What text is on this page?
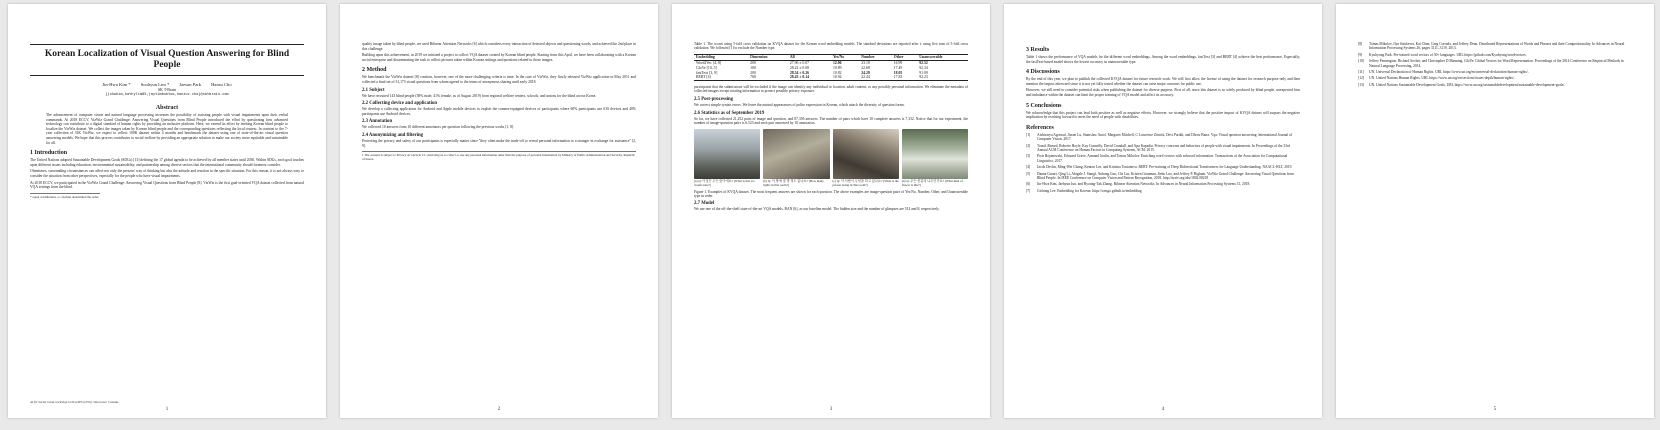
Korean Localization of Visual Question Answering for Blind People
Jin-Hwa Kim * Soohyun Lim * Jaesun Park Hansu Cho
SK T-Brain
{jnhwkim,kathylim05,jaytimbuktoo,hanzuc.cho}@sktbrain.com
Abstract

The advancement of computer vision and natural language processing increases the possibility of assisting people with visual impairments upon their verbal commands. At 2018 ECCV, VizWiz Grand Challenge: Answering Visual Questions from Blind People introduced the effort by questioning how advanced technology can contribute to a digital standard of human rights by providing an inclusive platform. Here, we extend its effort by inviting Korean blind people to localize the VizWiz dataset. We collect the images taken by Korean blind people and the corresponding questions reflecting the local context. In contrast to the 7-year collection of 31K VizWiz, we expect to collect 100K dataset within 4 months and benchmark the dataset using one of state-of-the-art visual question answering models. We hope that this process contributes to social welfare by providing an appropriate solution to make our society more equitable and sustainable for all.

1 Introduction

The United Nations adopted Sustainable Development Goals (SDGs) [13] defining the 17 global agenda to be achieved by all member states until 2030. Within SDGs, each goal touches upon different issues including education, environmental sustainability, and partnership among diverse sectors that the international community should foremost consider.

Oftentimes, surrounding circumstances can affect not only the persons' way of thinking but also the attitude and reaction to the specific situation. For this reason, it is not always easy to consider the situation from other perspectives, especially for the people who have visual impairments.

At 2018 ECCV, we participated in the VizWiz Grand Challenge: Answering Visual Questions from Blind People [8]. VizWiz is the first goal-oriented VQA dataset collected from natural VQA settings from the blind.

* equal contribution, a c-in-time determined the order.
AI for Social Good workshop at NeurIPS (2019), Vancouver, Canada.
1

quality image taken by blind people, we used Bilinear Attention Networks [6] which considers every interaction of detected objects and questioning words, and achieved the 2nd place in this challenge.

Building upon this achievement, in 2019 we initiated a project to collect VQA dataset created by Korean blind people. Starting from this April, we have been collaborating with a Korean social enterprise and disseminating the task to collect pictures taken within Korean settings and questions related to those images.

2 Method

We benchmark the VizWiz dataset [8] creation, however, one of the more challenging criteria is time. In the case of VizWiz, they firstly released VizWiz application in May 2011 and collected a final set of 31,173 visual questions from whom agreed to the terms of anonymous sharing until early 2018.

2.1 Subject

We have recruited 143 blind people (58% male, 41% female, as of August 2019) from regional welfare centers, schools, and unions for the blind across Korea.

2.2 Collecting device and application

We develop a collecting application for Android and Apple mobile devices to exploit the camera-equipped devices of participants where 60% participants use iOS devices and 40% participants use Android devices.

2.3 Annotation

We collected 10 answers from 10 different annotators per question following the previous works [1, 8].

2.4 Anonymizing and filtering

Protecting the privacy and safety of our participants is especially matter since "they often make the trade-off to reveal personal information to a stranger in exchange for assistance" [2, 9].

1 The consent is subject to Privacy Act Article 15, restricting us to collect or use any personal information other than the purpose of personal information by Ministry of Public Administration and Security, Republic of Korea.
2
Table 1. The scores using 5-fold cross validation on KVQA dataset for the Korean word embedding models. The standard deviations are reported after ± using five runs of 5-fold cross validation. We followed [1] to exclude the Number type.
Embedding	Dimension	All	Yes/No	Number	Other	Unanswerable
Word2Vec [4, 8]	200	27.96 ± 0.07	12.06	23.18	16.99	92.52
GloVe [10, 5]	100	28.22 ± 0.08	10.89	22.68	17.49	92.34
fastText [3, 9]	200	28.54 ± 0.26	10.82	24.29	18.05	91.09
BERT [4]	768	28.43 ± 0.14	10.94	22.44	17.83	92.23

participants that the submissions will be excluded if the image can identify any individual or location, adult content, or any possibly personal information. We eliminate the metadata of collected images except rotating information to protect possible privacy exposure.

2.5 Post-processing

We correct simple syntax errors. We leave the natural appearances of polite expression in Korean, which attach the diversity of question forms.

2.6 Statistics as of September 2019

So far, we have collected 21,252 pairs of image and question, and 87,356 answers. The number of pairs which have 10 complete answers is 7,332. Notice that for our experiment, the number of image-question pairs is 6,523 and each pair answered by 10 annotators.

(a) Q: 이것은 무슨 맛이에요? (What is this ice cream taste?)
(b) Q: 이 방에 몇 명 정도 있나요? (How many lights in this room?)
(c) Q: 이 사람이 무엇을 하고 있나요? (What is the person doing in this room?)
(d) Q: 무슨 종류의 나무인가요? (What kind of flower is this?)
Figure 1. Examples of KVQA dataset. The most frequent answers are shown for each question. The above examples are image-question pairs of Yes/No, Number, Other, and Unanswerable type in order.
2.7 Model

We use one of the off-the-shelf state-of-the-art VQA models, BAN [6], as our baseline model. The hidden size and the number of glimpses are 512 and 8, respectively.

3
3 Results

Table 1 shows the performance of VQA models for the different word embeddings. Among the word embeddings, fastText [3] and BERT [4] achieve the best performance. Especially, the fastText-based model shows the lowest accuracy in unanswerable type.

4 Discussions

By the end of this year, we plan to publish the collected KVQA dataset for future research work. We will first allow the license of using the dataset for research purpose only and then mention the impact afterward since it is not yet fully tested whether the dataset can raise major concerns for public use.

However, we still need to consider potential risks when publishing the dataset for diverse purpose. First of all, since this dataset is so solely produced by blind people, unexpected bias and imbalance within the dataset can limit the proper training of VQA model and affect its accuracy.

5 Conclusions

We acknowledge that this project can lead both positive as well as negative effects. However, we strongly believe that the positive impact of KVQA dataset will surpass the negative implication by reaching forward to meet the need of people with disabilities.

References
[1]	Aishwarya Agrawal, Jiasen Lu, Stanislaw Antol, Margaret Mitchell, C Lawrence Zitnick, Devi Parikh, and Dhruv Batra. Vqa: Visual question answering. International Journal of Computer Vision, 2017.
[2]	Tousif Ahmed, Roberto Hoyle, Kay Connelly, David Crandall, and Apu Kapadia. Privacy concerns and behaviors of people with visual impairments. In Proceedings of the 33rd Annual ACM Conference on Human Factors in Computing Systems, ACM, 2015.
[3]	Piotr Bojanowski, Edouard Grave, Armand Joulin, and Tomas Mikolov. Enriching word vectors with subword information. Transactions of the Association for Computational Linguistics, 2017.
[4]	Jacob Devlin, Ming-Wei Chang, Kenton Lee, and Kristina Toutanova. BERT: Pre-training of Deep Bidirectional Transformers for Language Understanding. NAACL-HLT, 2019.
[5]	Danna Gurari, Qing Li, Abigale J. Stangl, Anhong Guo, Chi Lin, Kristen Grauman, Jiebo Luo, and Jeffrey P. Bigham. VizWiz Grand Challenge: Answering Visual Questions from Blind People. In IEEE Conference on Computer Vision and Pattern Recognition, 2018. http://arxiv.org/abs/1802.08218
[6]	Jin-Hwa Kim, Jaehyun Jun, and Byoung-Tak Zhang. Bilinear Attention Networks. In Advances in Neural Information Processing Systems 31, 2018.
[7]	Gichang Lee. Embedding for Korean. https://ratsgo.github.io/embedding
4
[8]	Tomas Mikolov, Ilya Sutskever, Kai Chen, Greg Corrado, and Jeffrey Dean. Distributed Representations of Words and Phrases and their Compositionality. In Advances in Neural Information Processing Systems 26, pages 3111–3119, 2013.
[9]	Kyubyong Park. Pre-trained word vectors of 30+ languages. URL https://github.com/Kyubyong/wordvectors.
[10]	Jeffrey Pennington, Richard Socher, and Christopher D Manning. GloVe: Global Vectors for Word Representation. Proceedings of the 2014 Conference on Empirical Methods in Natural Language Processing, 2014.
[11]	UN. Universal Declaration of Human Rights. URL https://www.un.org/en/universal-declaration-human-rights/.
[12]	UN. United Nations Human Rights. URL https://www.un.org/en/sections/issues-depth/human-rights/.
[13]	UN. United Nations Sustainable Development Goals. URL https://www.un.org/sustainabledevelopment/sustainable-development-goals/.
5
